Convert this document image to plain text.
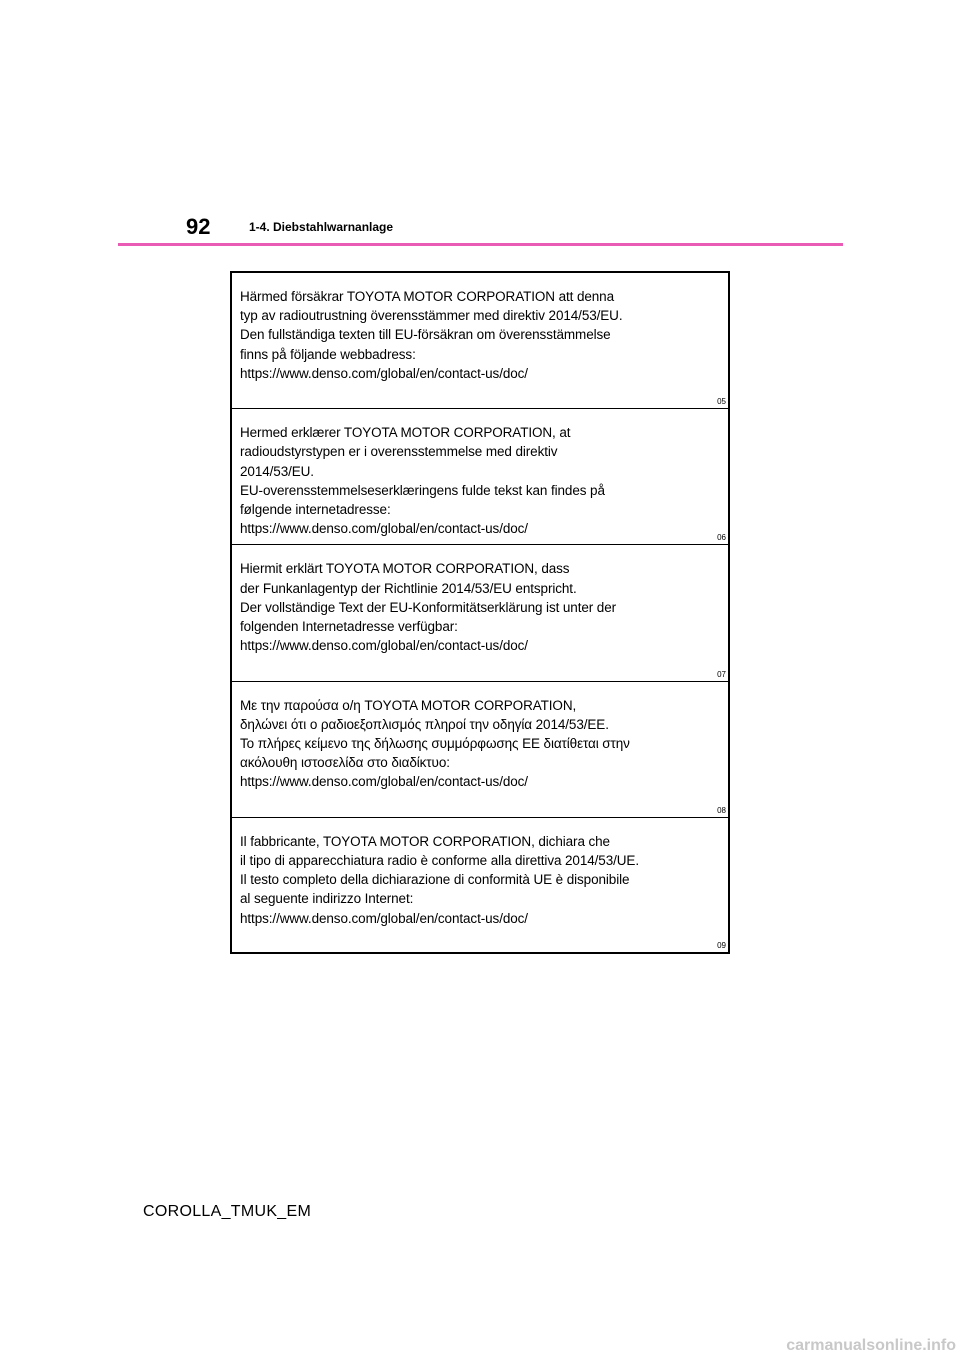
92	1-4. Diebstahlwarnanlage
Härmed försäkrar TOYOTA MOTOR CORPORATION att denna
typ av radioutrustning överensstämmer med direktiv 2014/53/EU.
Den fullständiga texten till EU-försäkran om överensstämmelse
finns på följande webbadress:
https://www.denso.com/global/en/contact-us/doc/
05
Hermed erklærer TOYOTA MOTOR CORPORATION, at
radioudstyrstypen er i overensstemmelse med direktiv
2014/53/EU.
EU-overensstemmelseserklæringens fulde tekst kan findes på
følgende internetadresse:
https://www.denso.com/global/en/contact-us/doc/
06
Hiermit erklärt TOYOTA MOTOR CORPORATION, dass
der Funkanlagentyp der Richtlinie 2014/53/EU entspricht.
Der vollständige Text der EU-Konformitätserklärung ist unter der
folgenden Internetadresse verfügbar:
https://www.denso.com/global/en/contact-us/doc/
07
Με την παρούσα ο/η TOYOTA MOTOR CORPORATION,
δηλώνει ότι ο ραδιοεξοπλισμός πληροί την οδηγία 2014/53/ΕΕ.
Το πλήρες κείμενο της δήλωσης συμμόρφωσης ΕΕ διατίθεται στην
ακόλουθη ιστοσελίδα στο διαδίκτυο:
https://www.denso.com/global/en/contact-us/doc/
08
Il fabbricante, TOYOTA MOTOR CORPORATION, dichiara che
il tipo di apparecchiatura radio è conforme alla direttiva 2014/53/UE.
Il testo completo della dichiarazione di conformità UE è disponibile
al seguente indirizzo Internet:
https://www.denso.com/global/en/contact-us/doc/
09
COROLLA_TMUK_EM
carmanualsonline.info
